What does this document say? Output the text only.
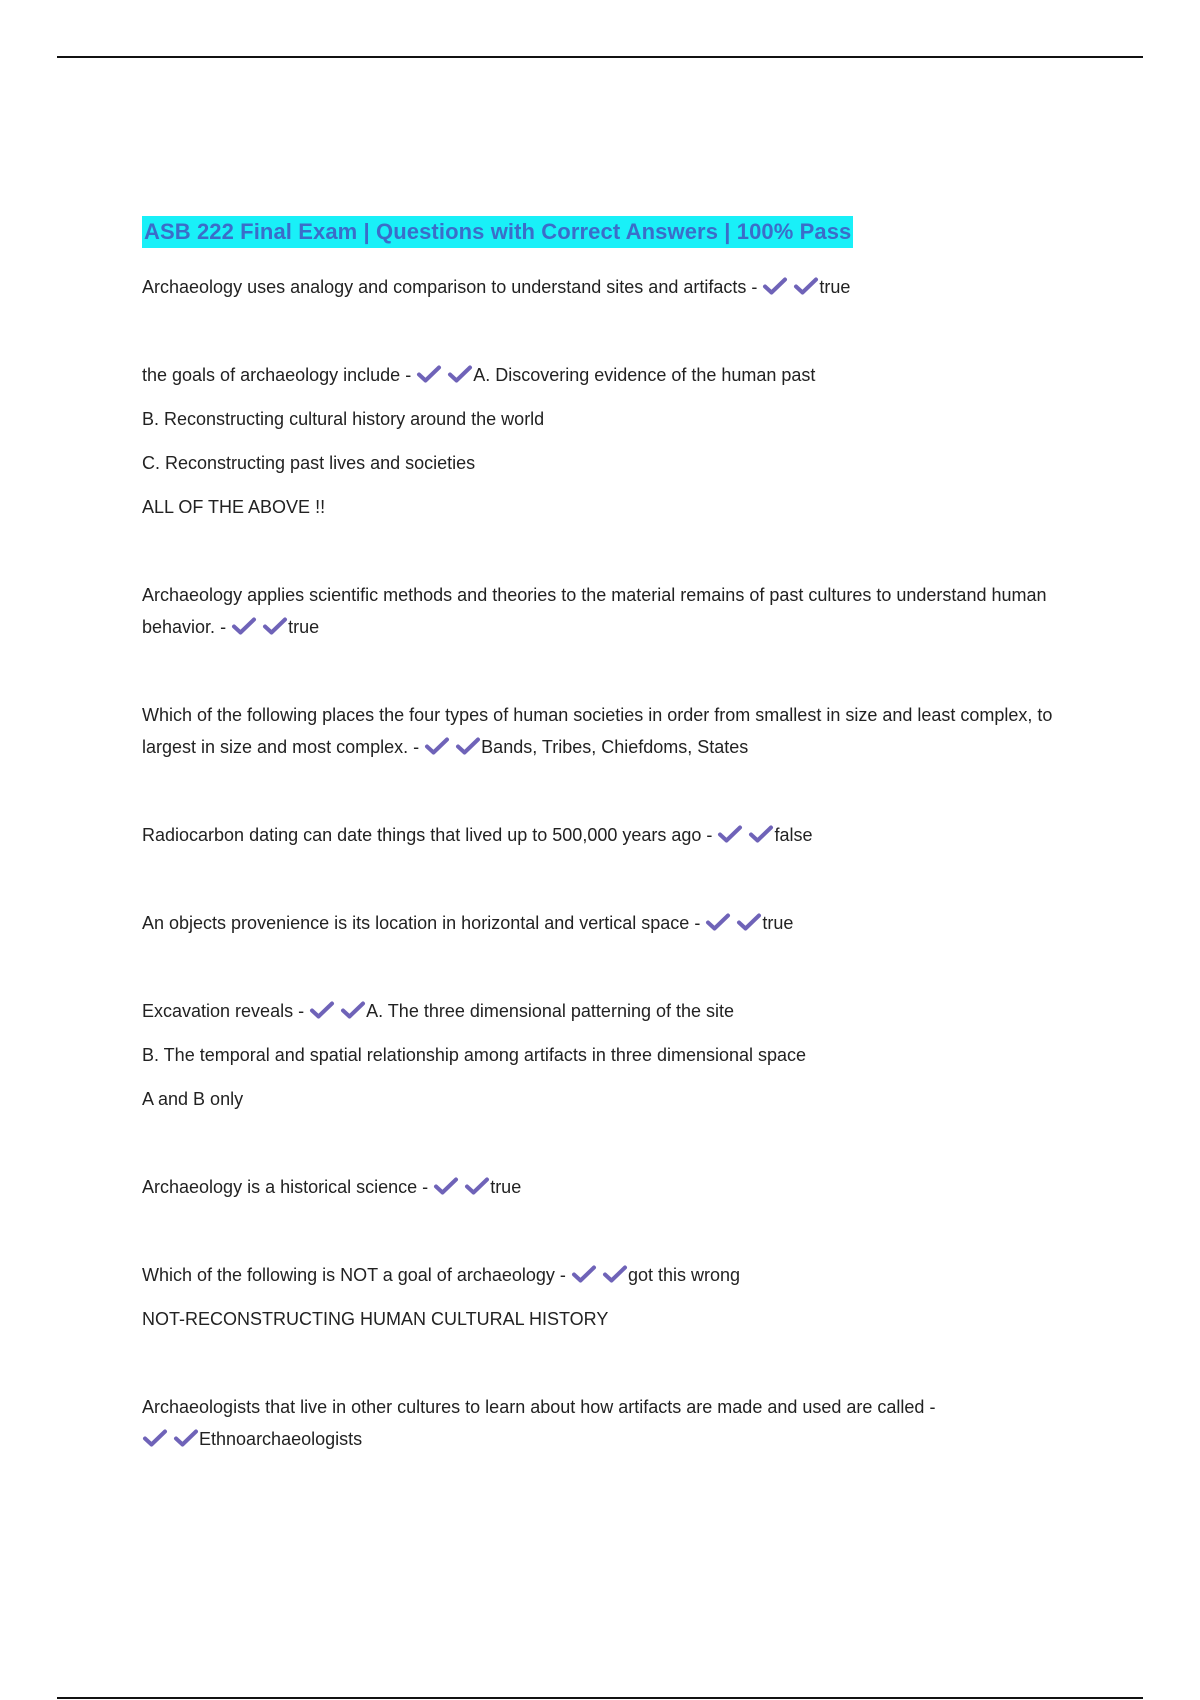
ASB 222 Final Exam | Questions with Correct Answers | 100% Pass

Archaeology uses analogy and comparison to understand sites and artifacts -
	true

the goals of archaeology include -
	A. Discovering evidence of the human past

B. Reconstructing cultural history around the world

C. Reconstructing past lives and societies

ALL OF THE ABOVE !!

Archaeology applies scientific methods and theories to the material remains of past cultures to understand human behavior. -
	true

Which of the following places the four types of human societies in order from smallest in size and least complex, to largest in size and most complex. -
	Bands, Tribes, Chiefdoms, States

Radiocarbon dating can date things that lived up to 500,000 years ago -
	false

An objects provenience is its location in horizontal and vertical space -
	true

Excavation reveals -
	A. The three dimensional patterning of the site

B. The temporal and spatial relationship among artifacts in three dimensional space

A and B only

Archaeology is a historical science -
	true

Which of the following is NOT a goal of archaeology -
	got this wrong

NOT-RECONSTRUCTING HUMAN CULTURAL HISTORY

Archaeologists that live in other cultures to learn about how artifacts are made and used are called -

Ethnoarchaeologists
